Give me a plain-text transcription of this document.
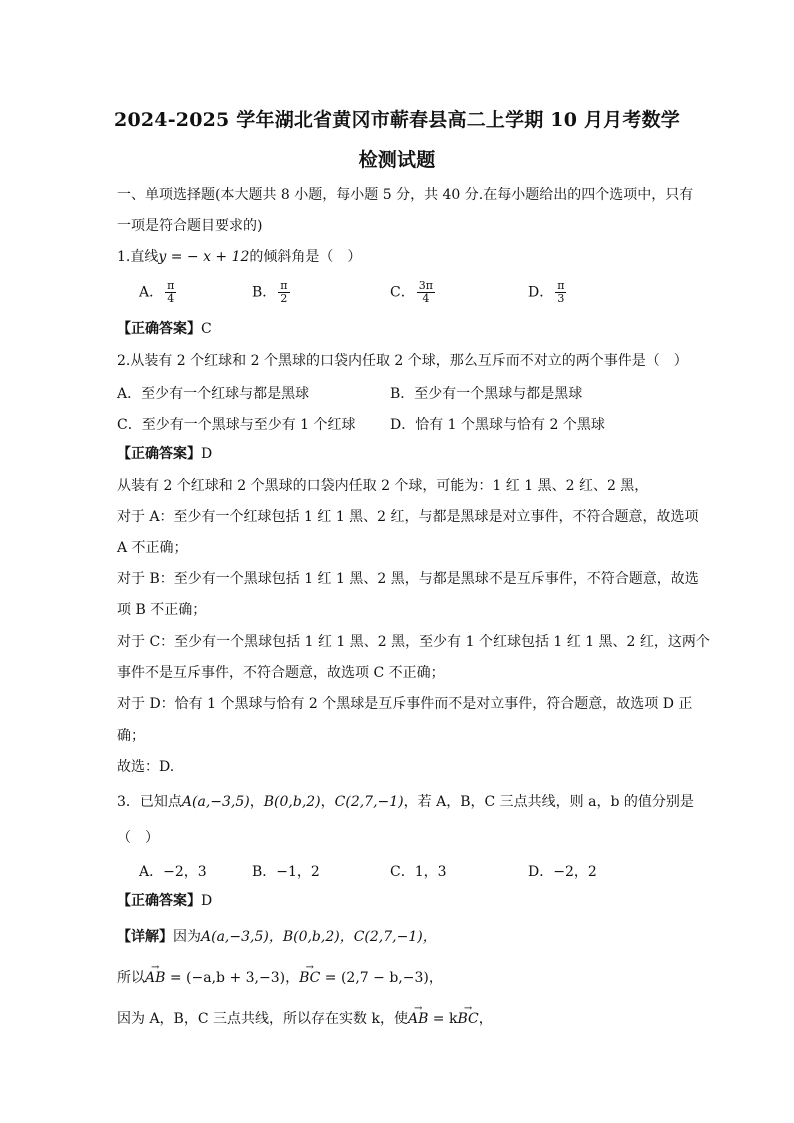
2024-2025 学年湖北省黄冈市蕲春县高二上学期 10 月月考数学
检测试题
一、单项选择题(本大题共 8 小题，每小题 5 分，共 40 分.在每小题给出的四个选项中，只有
一项是符合题目要求的)
1.直线y = − x + 12的倾斜角是（　）
A． $\frac{\pi}{4}$	B． $\frac{\pi}{2}$	C． $\frac{3\pi}{4}$	D． $\frac{\pi}{3}$
【正确答案】C
2.从装有 2 个红球和 2 个黑球的口袋内任取 2 个球，那么互斥而不对立的两个事件是（　）
A．至少有一个红球与都是黑球	B．至少有一个黑球与都是黑球
C．至少有一个黑球与至少有 1 个红球 D．恰有 1 个黑球与恰有 2 个黑球
【正确答案】D
从装有 2 个红球和 2 个黑球的口袋内任取 2 个球，可能为：1 红 1 黑、2 红、2 黑，
对于 A：至少有一个红球包括 1 红 1 黑、2 红，与都是黑球是对立事件，不符合题意，故选项
A 不正确；
对于 B：至少有一个黑球包括 1 红 1 黑、2 黑，与都是黑球不是互斥事件，不符合题意，故选
项 B 不正确；
对于 C：至少有一个黑球包括 1 红 1 黑、2 黑，至少有 1 个红球包括 1 红 1 黑、2 红，这两个
事件不是互斥事件，不符合题意，故选项 C 不正确；
对于 D：恰有 1 个黑球与恰有 2 个黑球是互斥事件而不是对立事件，符合题意，故选项 D 正
确；
故选：D.
3．已知点A(a,−3,5)，B(0,b,2)，C(2,7,−1)，若 A，B，C 三点共线，则 a，b 的值分别是
（　）
A．−2，3	B．−1，2	C．1，3	D．−2，2
【正确答案】D
【详解】因为A(a,−3,5)，B(0,b,2)，C(2,7,−1)，
所以→ AB = (−a,b + 3,−3)，→ BC = (2,7 − b,−3)，
因为 A，B，C 三点共线，所以存在实数 k，使→ AB = k→ BC，
